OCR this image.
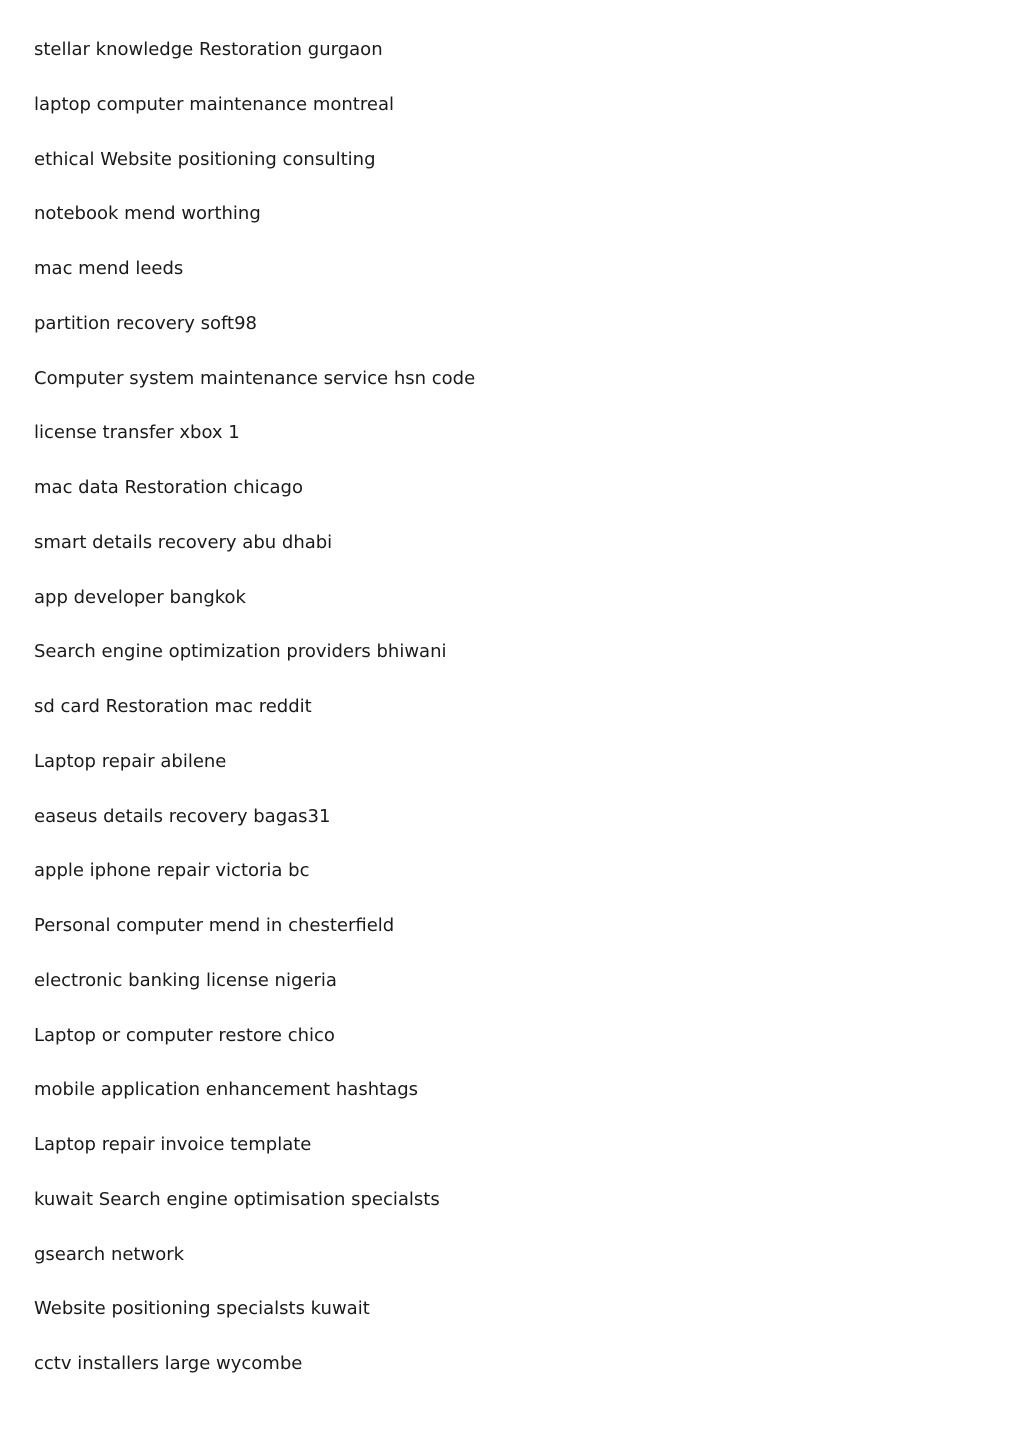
stellar knowledge Restoration gurgaon
laptop computer maintenance montreal
ethical Website positioning consulting
notebook mend worthing
mac mend leeds
partition recovery soft98
Computer system maintenance service hsn code
license transfer xbox 1
mac data Restoration chicago
smart details recovery abu dhabi
app developer bangkok
Search engine optimization providers bhiwani
sd card Restoration mac reddit
Laptop repair abilene
easeus details recovery bagas31
apple iphone repair victoria bc
Personal computer mend in chesterfield
electronic banking license nigeria
Laptop or computer restore chico
mobile application enhancement hashtags
Laptop repair invoice template
kuwait Search engine optimisation specialsts
gsearch network
Website positioning specialsts kuwait
cctv installers large wycombe
